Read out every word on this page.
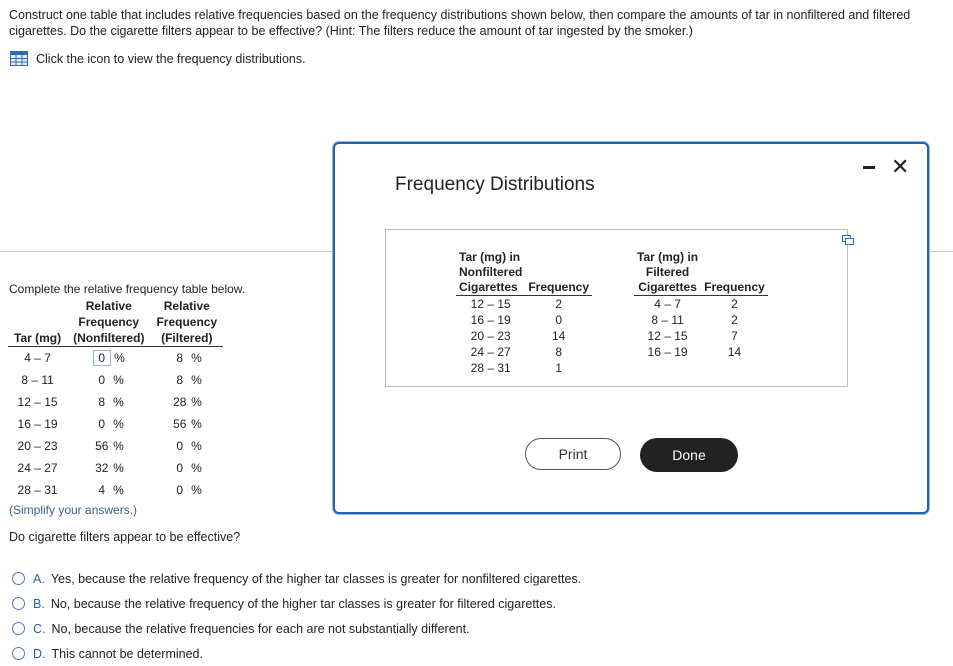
Construct one table that includes relative frequencies based on the frequency distributions shown below, then compare the amounts of tar in nonfiltered and filtered cigarettes. Do the cigarette filters appear to be effective? (Hint: The filters reduce the amount of tar ingested by the smoker.)
Click the icon to view the frequency distributions.
Complete the relative frequency table below.
	Relative	Relative
	Frequency	Frequency
Tar (mg)	(Nonfiltered)	(Filtered)
4 – 7	0 %	8 %
8 – 11	0 %	8 %
12 – 15	8 %	28 %
16 – 19	0 %	56 %
20 – 23	56 %	0 %
24 – 27	32 %	0 %
28 – 31	4 %	0 %
(Simplify your answers.)
Do cigarette filters appear to be effective?
A. Yes, because the relative frequency of the higher tar classes is greater for nonfiltered cigarettes.
B. No, because the relative frequency of the higher tar classes is greater for filtered cigarettes.
C. No, because the relative frequencies for each are not substantially different.
D. This cannot be determined.
Frequency Distributions
✕
Tar (mg) in
Nonfiltered
Cigarettes	Frequency
12 – 15	2
16 – 19	0
20 – 23	14
24 – 27	8
28 – 31	1
Tar (mg) in
Filtered
Cigarettes	Frequency
4 – 7	2
8 – 11	2
12 – 15	7
16 – 19	14
Print	Done
